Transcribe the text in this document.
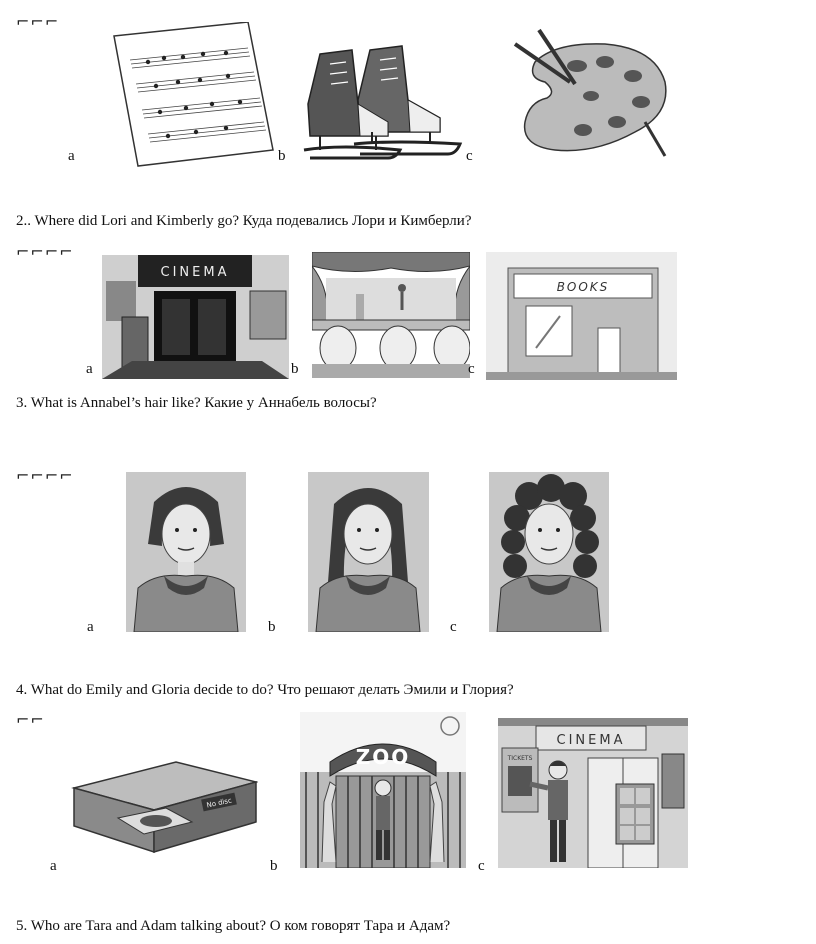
⌐⌐⌐
a	b	c
2.. Where did Lori and Kimberly go? Куда подевались Лори и Кимберли?
⌐⌐⌐⌐
CINEMA
a	b
BOOKS
c
3. What is Annabel’s hair like? Какие у Аннабель волосы?
⌐⌐⌐⌐
a	b	c
4. What do Emily and Gloria decide to do? Что решают делать Эмили и Глория?
⌐⌐
No disc
a
ZOO
b
CINEMA
TICKETS
c
5. Who are Tara and Adam talking about? О ком говорят Тара и Адам?
